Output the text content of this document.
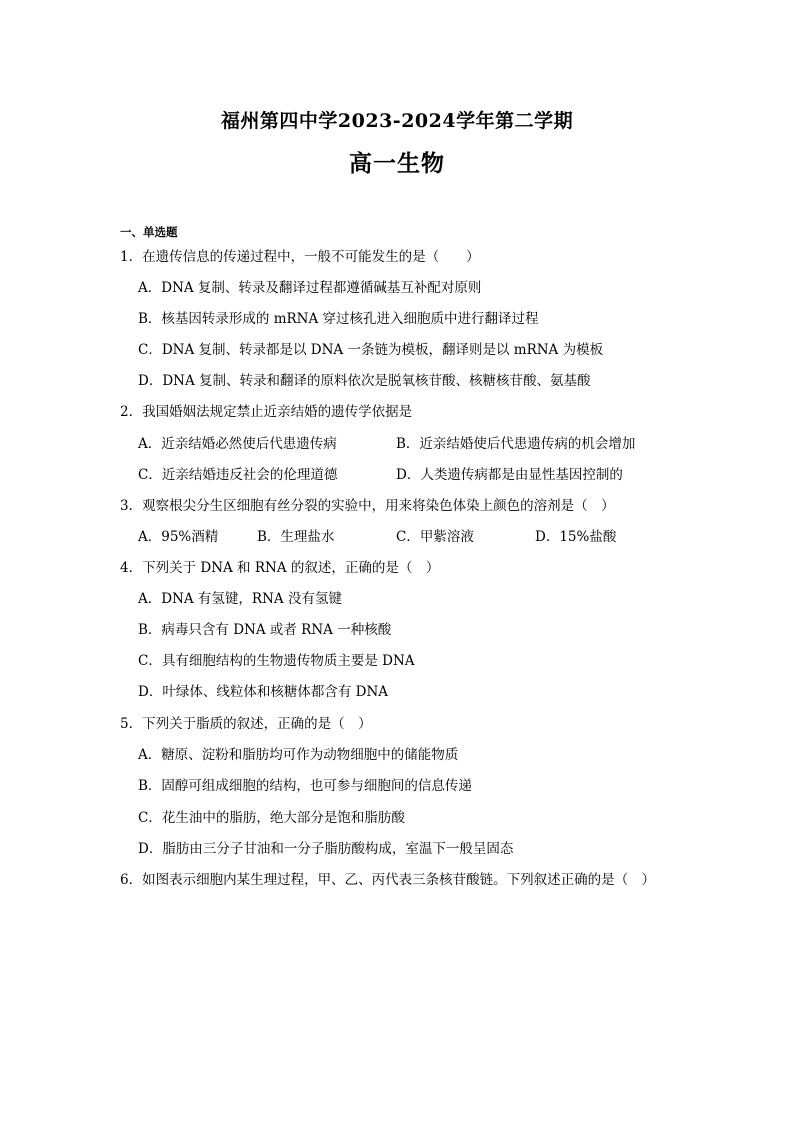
福州第四中学2023-2024学年第二学期
高一生物
一、单选题
1．在遗传信息的传递过程中，一般不可能发生的是（　　）
A．DNA 复制、转录及翻译过程都遵循碱基互补配对原则
B．核基因转录形成的 mRNA 穿过核孔进入细胞质中进行翻译过程
C．DNA 复制、转录都是以 DNA 一条链为模板，翻译则是以 mRNA 为模板
D．DNA 复制、转录和翻译的原料依次是脱氧核苷酸、核糖核苷酸、氨基酸
2．我国婚姻法规定禁止近亲结婚的遗传学依据是
A．近亲结婚必然使后代患遗传病	B．近亲结婚使后代患遗传病的机会增加
C．近亲结婚违反社会的伦理道德	D．人类遗传病都是由显性基因控制的
3．观察根尖分生区细胞有丝分裂的实验中，用来将染色体染上颜色的溶剂是（　）
A．95%酒精	B．生理盐水	C．甲紫溶液	D．15%盐酸
4．下列关于 DNA 和 RNA 的叙述，正确的是（　）
A．DNA 有氢键，RNA 没有氢键
B．病毒只含有 DNA 或者 RNA 一种核酸
C．具有细胞结构的生物遗传物质主要是 DNA
D．叶绿体、线粒体和核糖体都含有 DNA
5．下列关于脂质的叙述，正确的是（　）
A．糖原、淀粉和脂肪均可作为动物细胞中的储能物质
B．固醇可组成细胞的结构，也可参与细胞间的信息传递
C．花生油中的脂肪，绝大部分是饱和脂肪酸
D．脂肪由三分子甘油和一分子脂肪酸构成，室温下一般呈固态
6．如图表示细胞内某生理过程，甲、乙、丙代表三条核苷酸链。下列叙述正确的是（　）
